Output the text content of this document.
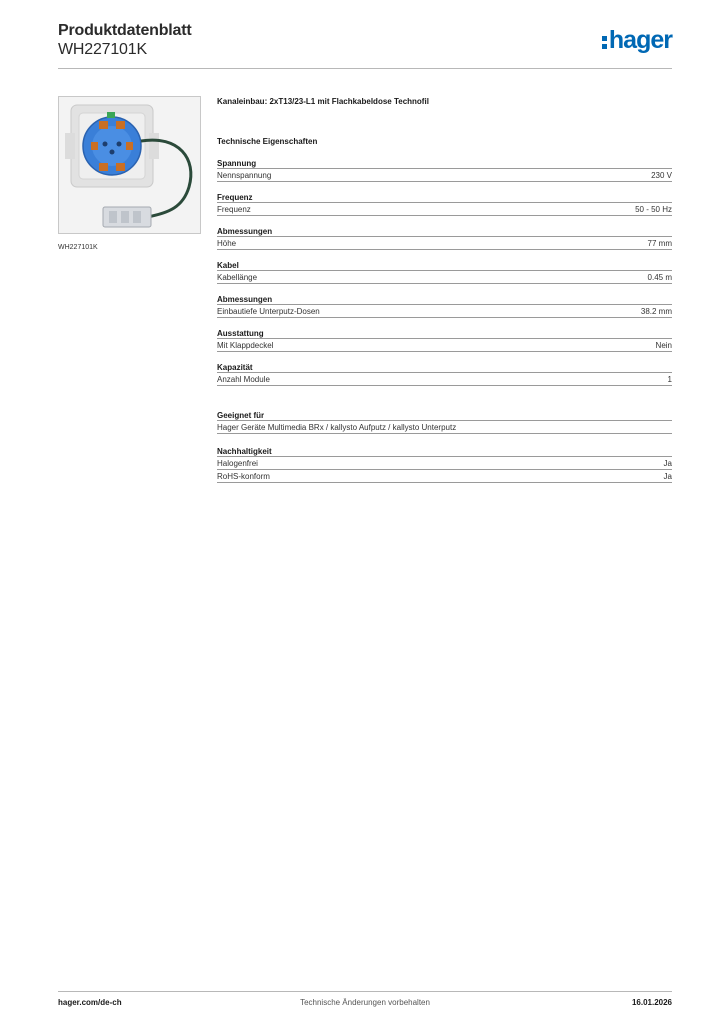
Produktdatenblatt
WH227101K	hager
WH227101K
Kanaleinbau: 2xT13/23-L1 mit Flachkabeldose Technofil
Technische Eigenschaften
Spannung
Nennspannung	230 V
Frequenz
Frequenz	50 - 50 Hz
Abmessungen
Höhe	77 mm
Kabel
Kabellänge	0.45 m
Abmessungen
Einbautiefe Unterputz-Dosen	38.2 mm
Ausstattung
Mit Klappdeckel	Nein
Kapazität
Anzahl Module	1
Geeignet für
Hager Geräte Multimedia BRx / kallysto Aufputz / kallysto Unterputz
Nachhaltigkeit
Halogenfrei	Ja
RoHS-konform	Ja
hager.com/de-ch	Technische Änderungen vorbehalten	16.01.2026
